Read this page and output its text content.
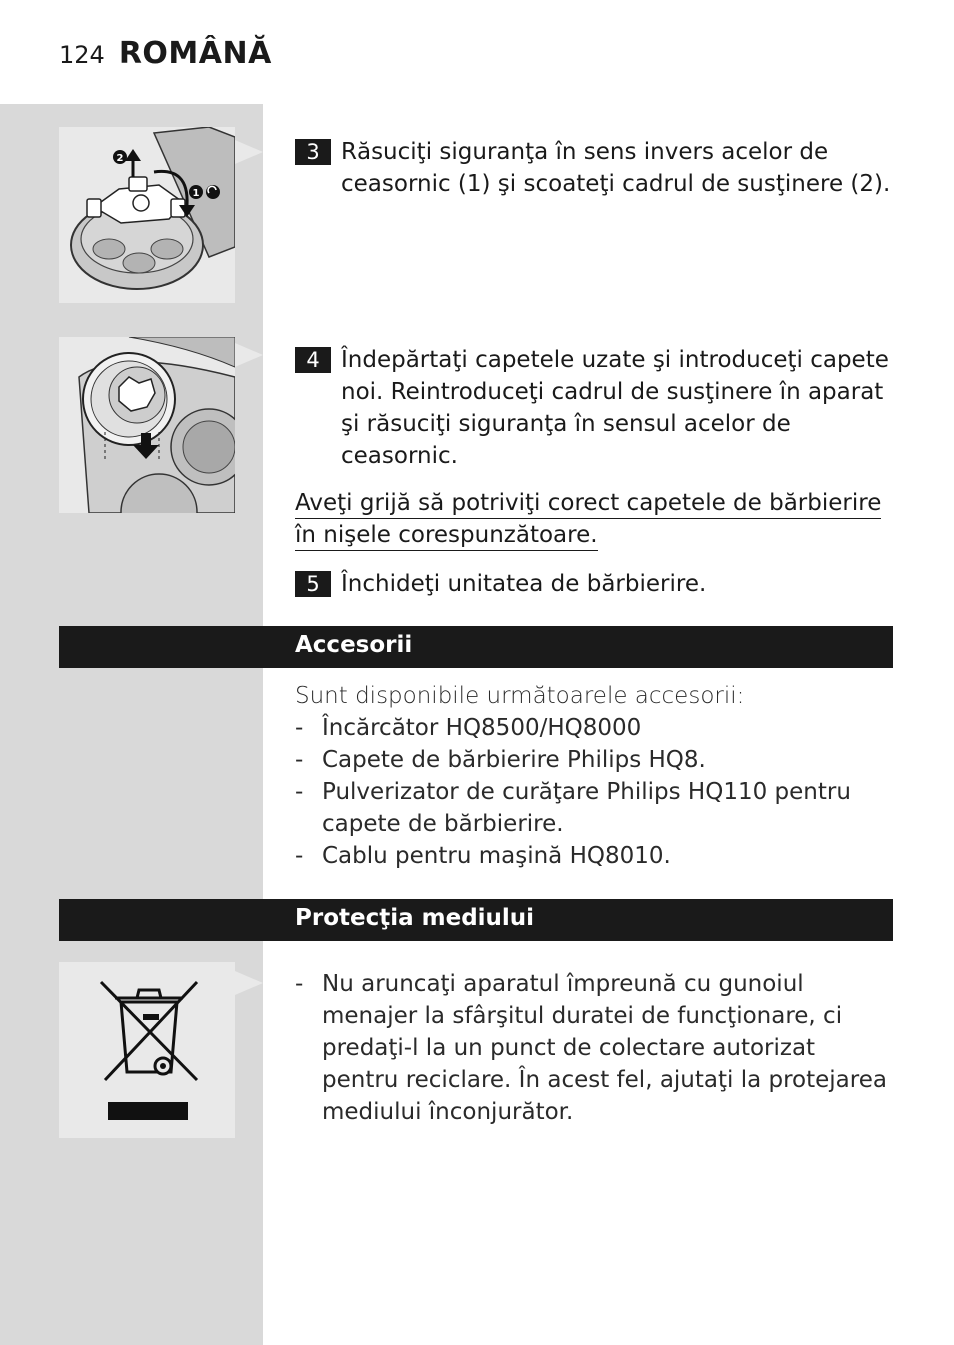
124 ROMÂNĂ
2
1
3 Răsuciţi siguranţa în sens invers acelor de ceasornic (1) şi scoateţi cadrul de susţinere (2).
4 Îndepărtaţi capetele uzate şi introduceţi capete noi. Reintroduceţi cadrul de susţinere în aparat şi răsuciţi siguranţa în sensul acelor de ceasornic.
Aveţi grijă să potriviţi corect capetele de bărbierire
în nişele corespunzătoare.
5 Închideţi unitatea de bărbierire.
Accesorii
Sunt disponibile următoarele accesorii:
- Încărcător HQ8500/HQ8000
- Capete de bărbierire Philips HQ8.
- Pulverizator de curăţare Philips HQ110 pentru capete de bărbierire.
- Cablu pentru maşină HQ8010.
Protecţia mediului
- Nu aruncaţi aparatul împreună cu gunoiul menajer la sfârşitul duratei de funcţionare, ci predaţi-l la un punct de colectare autorizat pentru reciclare. În acest fel, ajutaţi la protejarea mediului înconjurător.
